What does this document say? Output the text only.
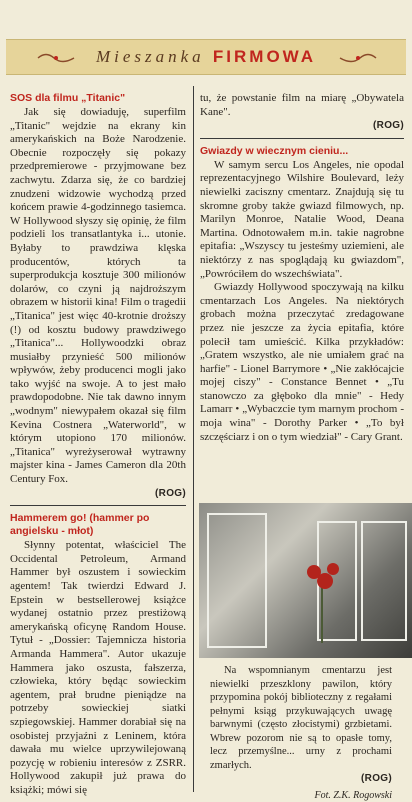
Mieszanka FIRMOWA
SOS dla filmu „Titanic"

Jak się dowiaduję, superfilm „Titanic" wejdzie na ekrany kin amerykańskich na Boże Narodzenie. Obecnie rozpoczęły się pokazy przedpremierowe - przyjmowane bez zachwytu. Zdarza się, że co bardziej znudzeni widzowie wychodzą przed końcem prawie 4-godzinnego tasiemca. W Hollywood słyszy się opinię, że film podzieli los transatlantyka i... utonie. Byłaby to prawdziwa klęska producentów, których ta superprodukcja kosztuje 300 milionów dolarów, co czyni ją najdroższym obrazem w historii kina! Film o tragedii „Titanica" jest więc 40-krotnie droższy (!) od kosztu budowy prawdziwego „Titanica"... Hollywoodzki obraz musiałby przynieść 500 milionów wpływów, żeby producenci mogli jako tako wyjść na swoje. A to jest mało prawdopodobne. Nie tak dawno innym „wodnym" niewypałem okazał się film Kevina Costnera „Waterworld", w którym utopiono 170 milionów. „Titanica" wyreżyserował wytrawny majster kina - James Cameron dla 20th Century Fox.

(ROG)
Hammerem go! (hammer po angielsku - młot)

Słynny potentat, właściciel The Occidental Petroleum, Armand Hammer był oszustem i sowieckim agentem! Tak twierdzi Edward J. Epstein w bestsellerowej książce wydanej ostatnio przez prestiżową amerykańską oficynę Random House. Tytuł - „Dossier: Tajemnicza historia Armanda Hammera". Autor ukazuje Hammera jako oszusta, fałszerza, człowieka, który będąc sowieckim agentem, prał brudne pieniądze na potrzeby sowieckiej siatki szpiegowskiej. Hammer dorabiał się na osobistej przyjaźni z Leninem, która dawała mu wielce uprzywilejowaną pozycję w robieniu interesów z ZSRR. Hollywood zakupił już prawa do książki; mówi się

tu, że powstanie film na miarę „Obywatela Kane".

(ROG)
Gwiazdy w wiecznym cieniu...

W samym sercu Los Angeles, nie opodal reprezentacyjnego Wilshire Boulevard, leży niewielki zaciszny cmentarz. Znajdują się tu skromne groby także gwiazd filmowych, np. Marilyn Monroe, Natalie Wood, Deana Martina. Odnotowałem m.in. takie nagrobne epitafia: „Wszyscy tu jesteśmy uziemieni, ale niektórzy z nas spoglądają ku gwiazdom", „Powróciłem do wszechświata".

Gwiazdy Hollywood spoczywają na kilku cmentarzach Los Angeles. Na niektórych grobach można przeczytać zredagowane przez nie jeszcze za życia epitafia, które polecił tam umieścić. Kilka przykładów: „Gratem wszystko, ale nie umiałem grać na harfie" - Lionel Barrymore • „Nie zakłócajcie mojej ciszy" - Constance Bennet • „Tu stanowczo za głęboko dla mnie" - Hedy Lamarr • „Wybaczcie tym marnym prochom - moja wina" - Dorothy Parker • „To był szczęściarz i on o tym wiedział" - Cary Grant.

Na wspomnianym cmentarzu jest niewielki przeszklony pawilon, który przypomina pokój biblioteczny z regałami pełnymi ksiąg przykuwających uwagę barwnymi (często złocistymi) grzbietami. Wbrew pozorom nie są to opasłe tomy, lecz przemyślne... urny z prochami zmarłych.

(ROG)
Fot. Z.K. Rogowski
